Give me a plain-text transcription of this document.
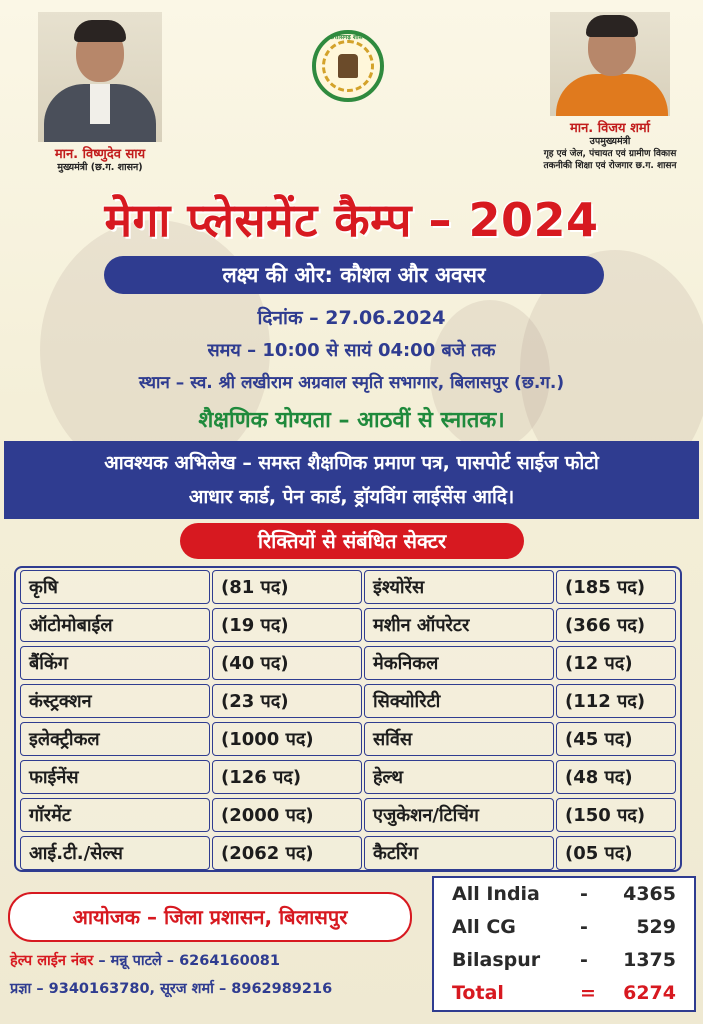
मान. विष्णुदेव साय
मुख्यमंत्री (छ.ग. शासन)
छत्तीसगढ़ शासन
मान. विजय शर्मा
उपमुख्यमंत्री
गृह एवं जेल, पंचायत एवं ग्रामीण विकास
तकनीकी शिक्षा एवं रोजगार छ.ग. शासन
मेगा प्लेसमेंट कैम्प – 2024
लक्ष्य की ओर: कौशल और अवसर
दिनांक – 27.06.2024
समय – 10:00 से सायं 04:00 बजे तक
स्थान – स्व. श्री लखीराम अग्रवाल स्मृति सभागार, बिलासपुर (छ.ग.)
शैक्षणिक योग्यता – आठवीं से स्नातक।
आवश्यक अभिलेख – समस्त शैक्षणिक प्रमाण पत्र, पासपोर्ट साईज फोटो
आधार कार्ड, पेन कार्ड, ड्रॉयविंग लाईसेंस आदि।
रिक्तियों से संबंधित सेक्टर
कृषि	(81 पद)	इंश्योरेंस	(185 पद)
ऑटोमोबाईल	(19 पद)	मशीन ऑपरेटर	(366 पद)
बैंकिंग	(40 पद)	मेकनिकल	(12 पद)
कंस्ट्रक्शन	(23 पद)	सिक्योरिटी	(112 पद)
इलेक्ट्रीकल	(1000 पद)	सर्विस	(45 पद)
फाईनेंस	(126 पद)	हेल्थ	(48 पद)
गॉरमेंट	(2000 पद)	एजुकेशन/टिचिंग	(150 पद)
आई.टी./सेल्स	(2062 पद)	कैटरिंग	(05 पद)
आयोजक – जिला प्रशासन, बिलासपुर
हेल्प लाईन नंबर – मन्नू पाटले – 6264160081
प्रज्ञा – 9340163780, सूरज शर्मा – 8962989216
All India - 4365
All CG	-	529
Bilaspur - 1375
Total	= 6274
